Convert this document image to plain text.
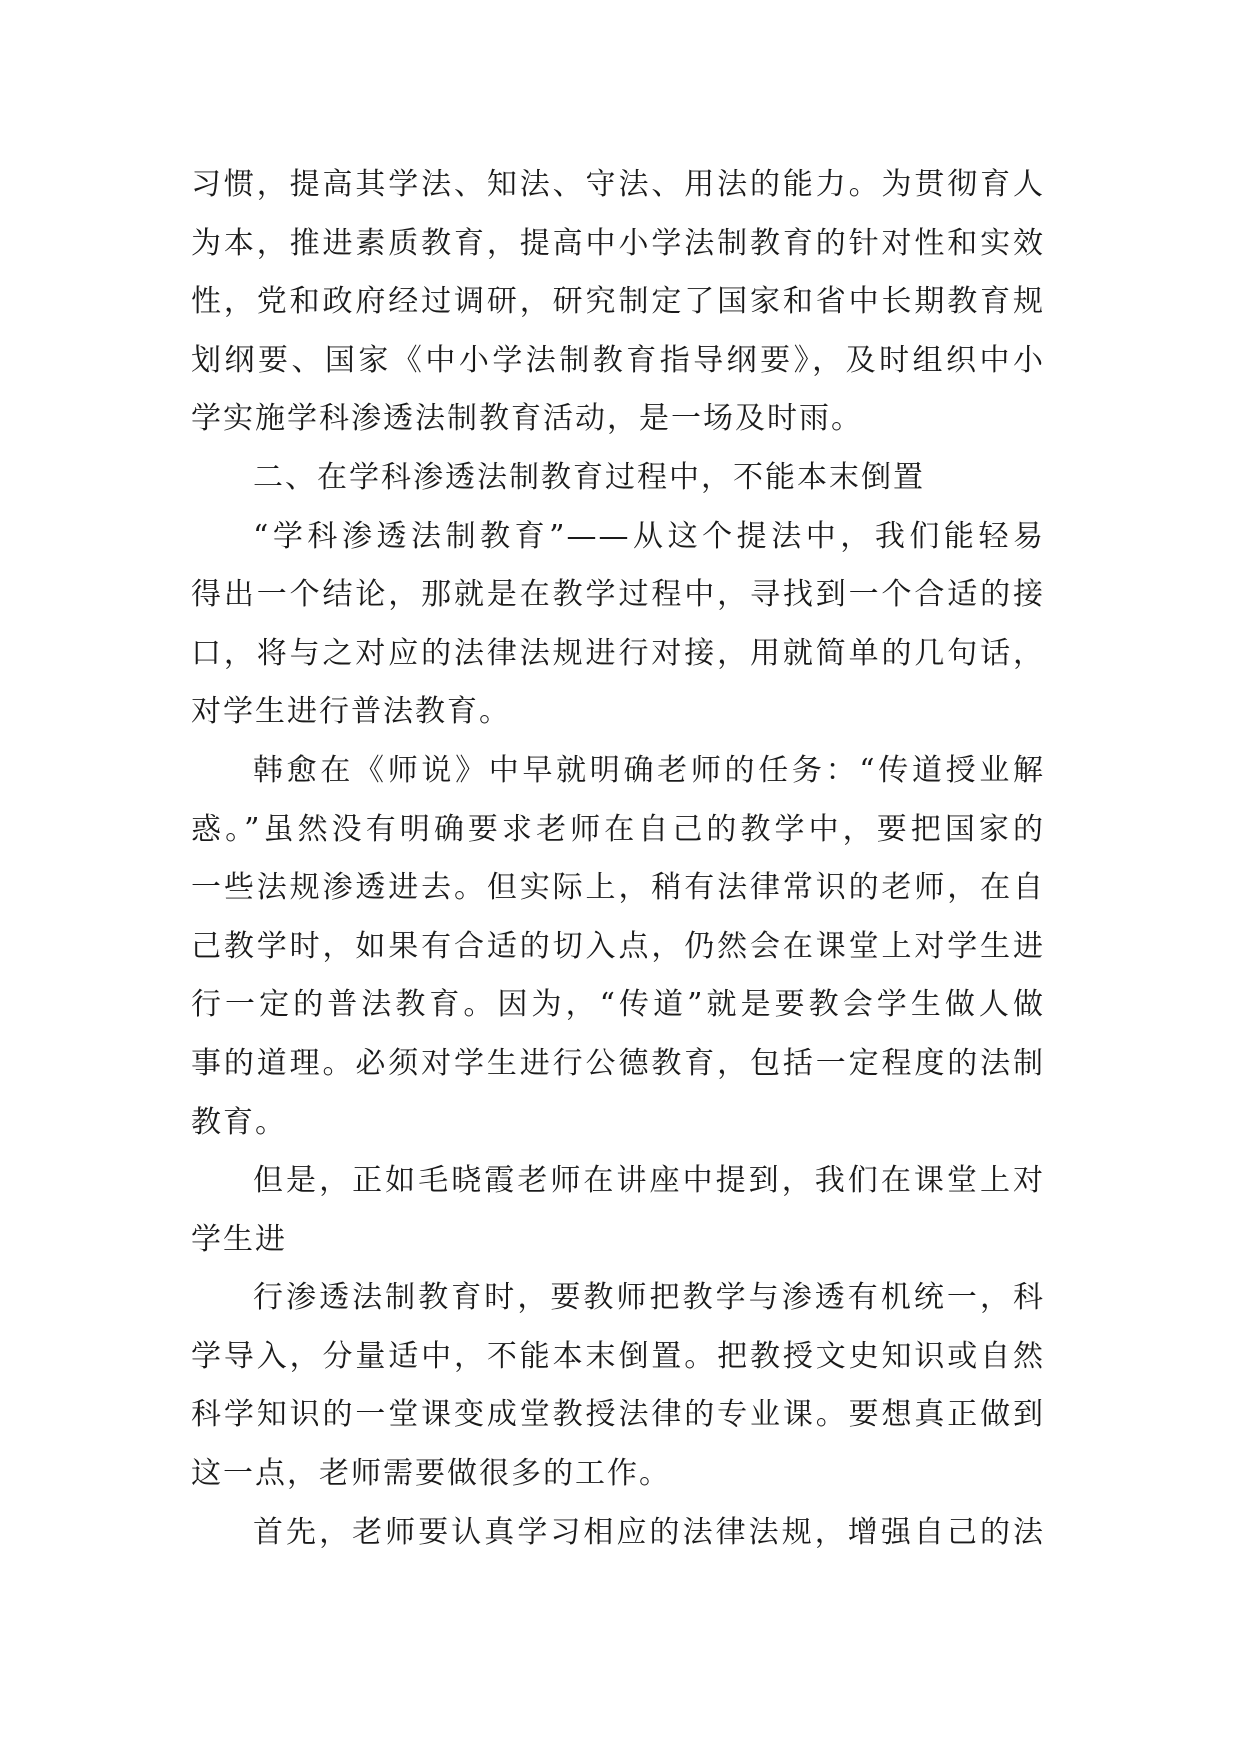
习惯，提高其学法、知法、守法、用法的能力。为贯彻育人
为本，推进素质教育，提高中小学法制教育的针对性和实效
性，党和政府经过调研，研究制定了国家和省中长期教育规
划纲要、国家《中小学法制教育指导纲要》，及时组织中小
学实施学科渗透法制教育活动，是一场及时雨。
二、在学科渗透法制教育过程中，不能本末倒置
“学科渗透法制教育”——从这个提法中，我们能轻易
得出一个结论，那就是在教学过程中，寻找到一个合适的接
口，将与之对应的法律法规进行对接，用就简单的几句话，
对学生进行普法教育。
韩愈在《师说》中早就明确老师的任务：“传道授业解
惑。”虽然没有明确要求老师在自己的教学中，要把国家的
一些法规渗透进去。但实际上，稍有法律常识的老师，在自
己教学时，如果有合适的切入点，仍然会在课堂上对学生进
行一定的普法教育。因为，“传道”就是要教会学生做人做
事的道理。必须对学生进行公德教育，包括一定程度的法制
教育。
但是，正如毛晓霞老师在讲座中提到，我们在课堂上对
学生进
行渗透法制教育时，要教师把教学与渗透有机统一，科
学导入，分量适中，不能本末倒置。把教授文史知识或自然
科学知识的一堂课变成堂教授法律的专业课。要想真正做到
这一点，老师需要做很多的工作。
首先，老师要认真学习相应的法律法规，增强自己的法
